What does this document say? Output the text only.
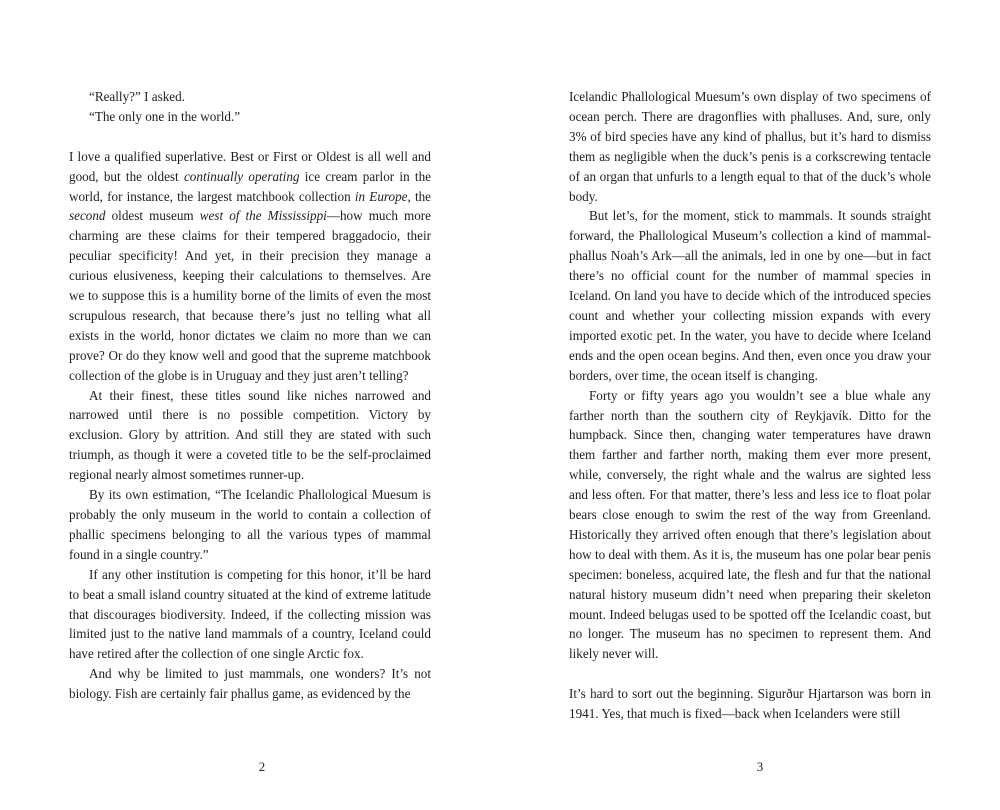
“Really?” I asked.

“The only one in the world.”

I love a qualified superlative. Best or First or Oldest is all well and good, but the oldest continually operating ice cream parlor in the world, for instance, the largest matchbook collection in Europe, the second oldest museum west of the Mississippi—how much more charming are these claims for their tempered braggadocio, their peculiar specificity! And yet, in their precision they manage a curious elusiveness, keeping their calculations to themselves. Are we to suppose this is a humility borne of the limits of even the most scrupulous research, that because there’s just no telling what all exists in the world, honor dictates we claim no more than we can prove? Or do they know well and good that the supreme matchbook collection of the globe is in Uruguay and they just aren’t telling?

At their finest, these titles sound like niches narrowed and narrowed until there is no possible competition. Victory by exclusion. Glory by attrition. And still they are stated with such triumph, as though it were a coveted title to be the self-proclaimed regional nearly almost sometimes runner-up.

By its own estimation, “The Icelandic Phallological Muesum is probably the only museum in the world to contain a collection of phallic specimens belonging to all the various types of mammal found in a single country.”

If any other institution is competing for this honor, it’ll be hard to beat a small island country situated at the kind of extreme latitude that discourages biodiversity. Indeed, if the collecting mission was limited just to the native land mammals of a country, Iceland could have retired after the collection of one single Arctic fox.

And why be limited to just mammals, one wonders? It’s not biology. Fish are certainly fair phallus game, as evidenced by the

2

Icelandic Phallological Muesum’s own display of two specimens of ocean perch. There are dragonflies with phalluses. And, sure, only 3% of bird species have any kind of phallus, but it’s hard to dismiss them as negligible when the duck’s penis is a corkscrewing tentacle of an organ that unfurls to a length equal to that of the duck’s whole body.

But let’s, for the moment, stick to mammals. It sounds straight forward, the Phallological Museum’s collection a kind of mammal-phallus Noah’s Ark—all the animals, led in one by one—but in fact there’s no official count for the number of mammal species in Iceland. On land you have to decide which of the introduced species count and whether your collecting mission expands with every imported exotic pet. In the water, you have to decide where Iceland ends and the open ocean begins. And then, even once you draw your borders, over time, the ocean itself is changing.

Forty or fifty years ago you wouldn’t see a blue whale any farther north than the southern city of Reykjavík. Ditto for the humpback. Since then, changing water temperatures have drawn them farther and farther north, making them ever more present, while, conversely, the right whale and the walrus are sighted less and less often. For that matter, there’s less and less ice to float polar bears close enough to swim the rest of the way from Greenland. Historically they arrived often enough that there’s legislation about how to deal with them. As it is, the museum has one polar bear penis specimen: boneless, acquired late, the flesh and fur that the national natural history museum didn’t need when preparing their skeleton mount. Indeed belugas used to be spotted off the Icelandic coast, but no longer. The museum has no specimen to represent them. And likely never will.

It’s hard to sort out the beginning. Sigurður Hjartarson was born in 1941. Yes, that much is fixed—back when Icelanders were still

3
